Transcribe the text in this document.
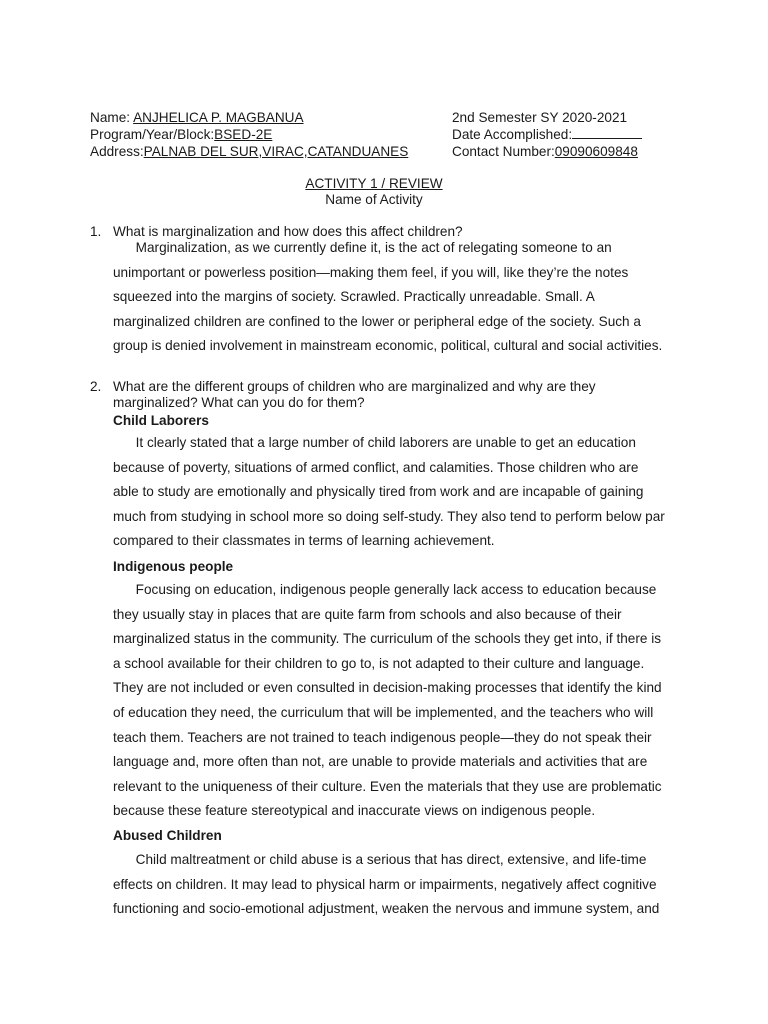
Name: ANJHELICA P. MAGBANUA	2nd Semester SY 2020-2021
Program/Year/Block:BSED-2E	Date Accomplished:
Address:PALNAB DEL SUR,VIRAC,CATANDUANES	Contact Number:09090609848
ACTIVITY 1 / REVIEW
Name of Activity
1. What is marginalization and how does this affect children?
Marginalization, as we currently define it, is the act of relegating someone to an
unimportant or powerless position—making them feel, if you will, like they’re the notes
squeezed into the margins of society. Scrawled. Practically unreadable. Small. A
marginalized children are confined to the lower or peripheral edge of the society. Such a
group is denied involvement in mainstream economic, political, cultural and social activities.
2. What are the different groups of children who are marginalized and why are they marginalized? What can you do for them?
Child Laborers
It clearly stated that a large number of child laborers are unable to get an education
because of poverty, situations of armed conflict, and calamities. Those children who are
able to study are emotionally and physically tired from work and are incapable of gaining
much from studying in school more so doing self-study. They also tend to perform below par
compared to their classmates in terms of learning achievement.
Indigenous people
Focusing on education, indigenous people generally lack access to education because
they usually stay in places that are quite farm from schools and also because of their
marginalized status in the community. The curriculum of the schools they get into, if there is
a school available for their children to go to, is not adapted to their culture and language.
They are not included or even consulted in decision-making processes that identify the kind
of education they need, the curriculum that will be implemented, and the teachers who will
teach them. Teachers are not trained to teach indigenous people—they do not speak their
language and, more often than not, are unable to provide materials and activities that are
relevant to the uniqueness of their culture. Even the materials that they use are problematic
because these feature stereotypical and inaccurate views on indigenous people.
Abused Children
Child maltreatment or child abuse is a serious that has direct, extensive, and life-time
effects on children. It may lead to physical harm or impairments, negatively affect cognitive
functioning and socio-emotional adjustment, weaken the nervous and immune system, and
